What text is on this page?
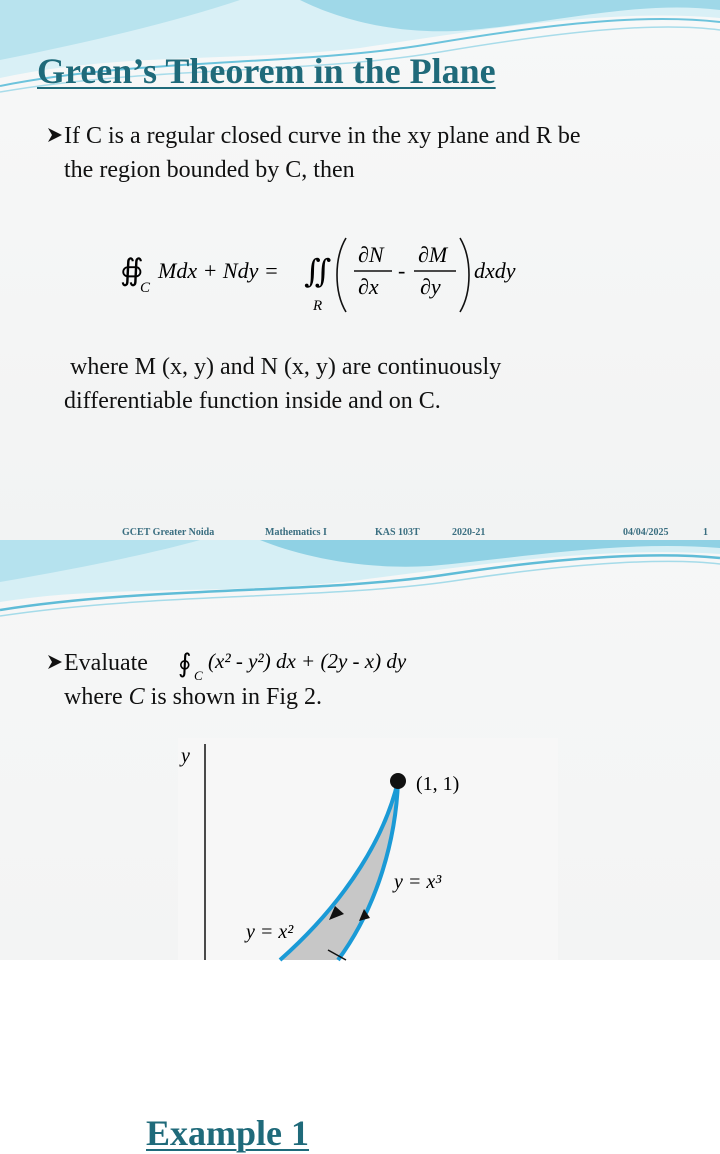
Green’s Theorem in the Plane
If C is a regular closed curve in the xy plane and R be
the region bounded by C, then
∯
C
Mdx + Ndy = ∬
R
∂N
∂x
-
∂M
∂y
dxdy
where M (x, y) and N (x, y) are continuously
differentiable function inside and on C.
GCET Greater Noida	Mathematics I	KAS 103T	2020-21	04/04/2025	1
Example 1
Evaluate ∮ C
(x² - y²) dx + (2y - x) dy
where C is shown in Fig 2.
y
(1, 1)
y = x³
y = x²
